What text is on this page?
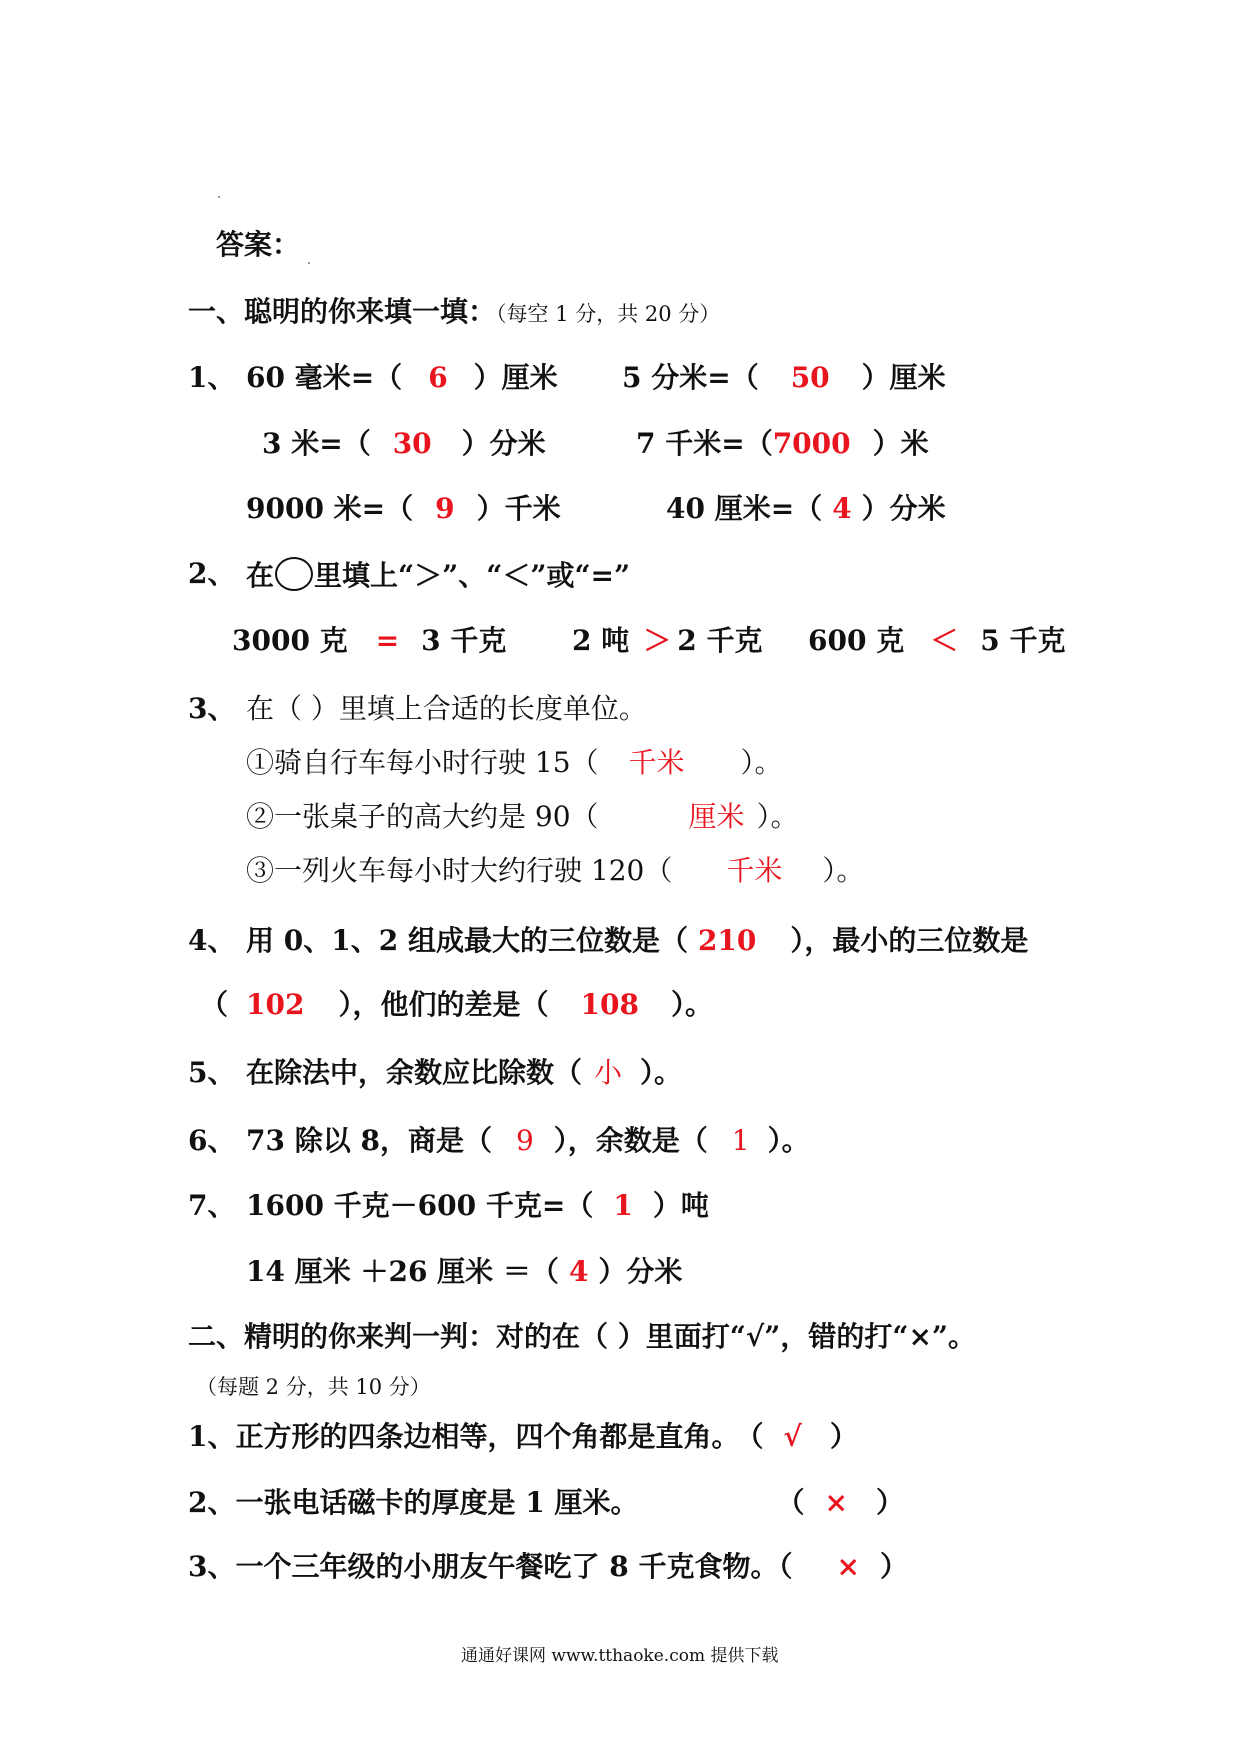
答案：
一、聪明的你来填一填：（每空 1 分，共 20 分）
1、 60 毫米=（ 6 ）厘米 5 分米=（ 50 ）厘米
3 米=（ 30 ）分米	7 千米=（7000 ）米
9000 米=（ 9 ）千米	40 厘米=（ 4 ）分米
2、 在 里填上“＞”、“＜”或“=”
3000 克 = 3 千克 2 吨 ＞ 2 千克 600 克 ＜ 5 千克
3、 在（ ）里填上合适的长度单位。
①骑自行车每小时行驶 15（ 千米 ）。
②一张桌子的高大约是 90（	厘米 ）。
③一列火车每小时大约行驶 120（ 千米 ）。
4、 用 0、1、2 组成最大的三位数是（ 210 ），最小的三位数是
（ 102 ），他们的差是（ 108 ）。
5、 在除法中，余数应比除数（ 小 ）。
6、 73 除以 8，商是（ 9 ），余数是（ 1 ）。
7、 1600 千克－600 千克=（ 1 ）吨
14 厘米 ＋26 厘米 ＝（ 4 ）分米
二、精明的你来判一判：对的在（ ）里面打“√”，错的打“×”。
（每题 2 分，共 10 分）
1、正方形的四条边相等，四个角都是直角。 （ √ ）
2、一张电话磁卡的厚度是 1 厘米。	（ × ）
3、一个三年级的小朋友午餐吃了 8 千克食物。（ × ）
通通好课网 www.tthaoke.com 提供下载
